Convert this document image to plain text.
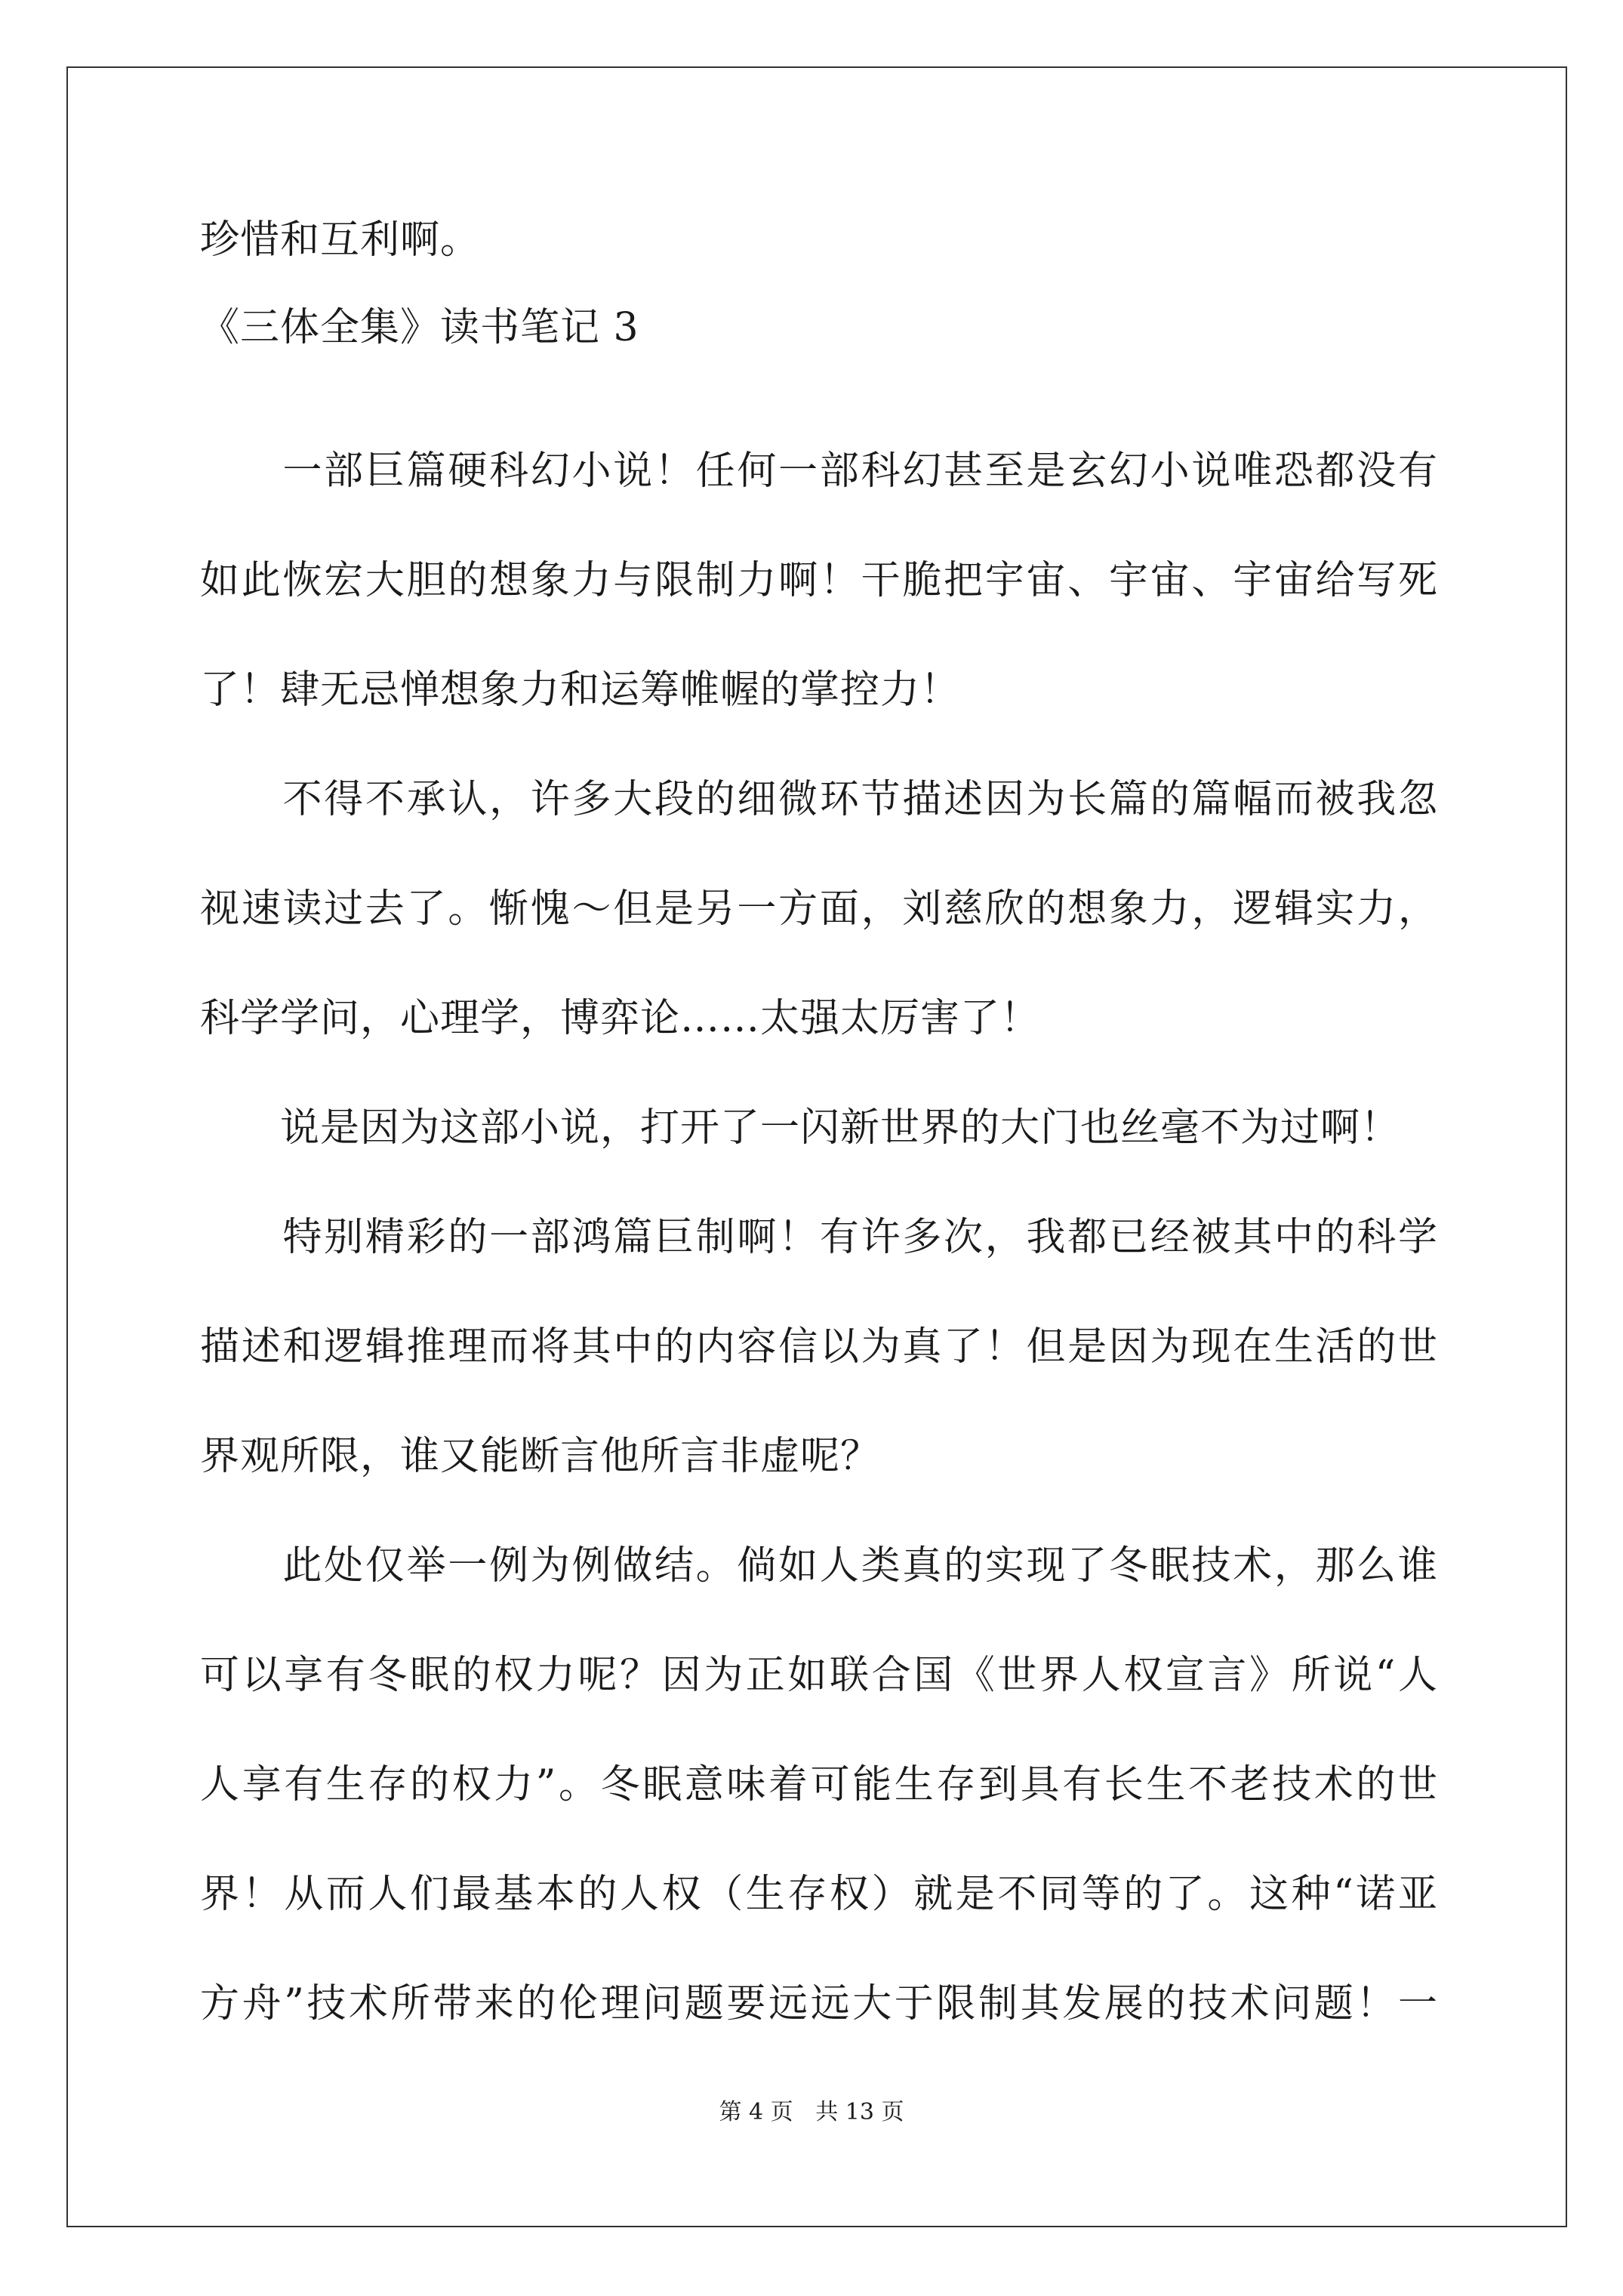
珍惜和互利啊。
《三体全集》读书笔记 3
　　一部巨篇硬科幻小说！任何一部科幻甚至是玄幻小说唯恐都没有
如此恢宏大胆的想象力与限制力啊！干脆把宇宙、宇宙、宇宙给写死
了！肆无忌惮想象力和运筹帷幄的掌控力！
　　不得不承认，许多大段的细微环节描述因为长篇的篇幅而被我忽
视速读过去了。惭愧～但是另一方面，刘慈欣的想象力，逻辑实力，
科学学问，心理学，博弈论……太强太厉害了！
　　说是因为这部小说，打开了一闪新世界的大门也丝毫不为过啊！
　　特别精彩的一部鸿篇巨制啊！有许多次，我都已经被其中的科学
描述和逻辑推理而将其中的内容信以为真了！但是因为现在生活的世
界观所限，谁又能断言他所言非虚呢？
　　此处仅举一例为例做结。倘如人类真的实现了冬眠技术，那么谁
可以享有冬眠的权力呢？因为正如联合国《世界人权宣言》所说“人
人享有生存的权力”。冬眠意味着可能生存到具有长生不老技术的世
界！从而人们最基本的人权（生存权）就是不同等的了。这种“诺亚
方舟”技术所带来的伦理问题要远远大于限制其发展的技术问题！一
第 4 页 共 13 页
